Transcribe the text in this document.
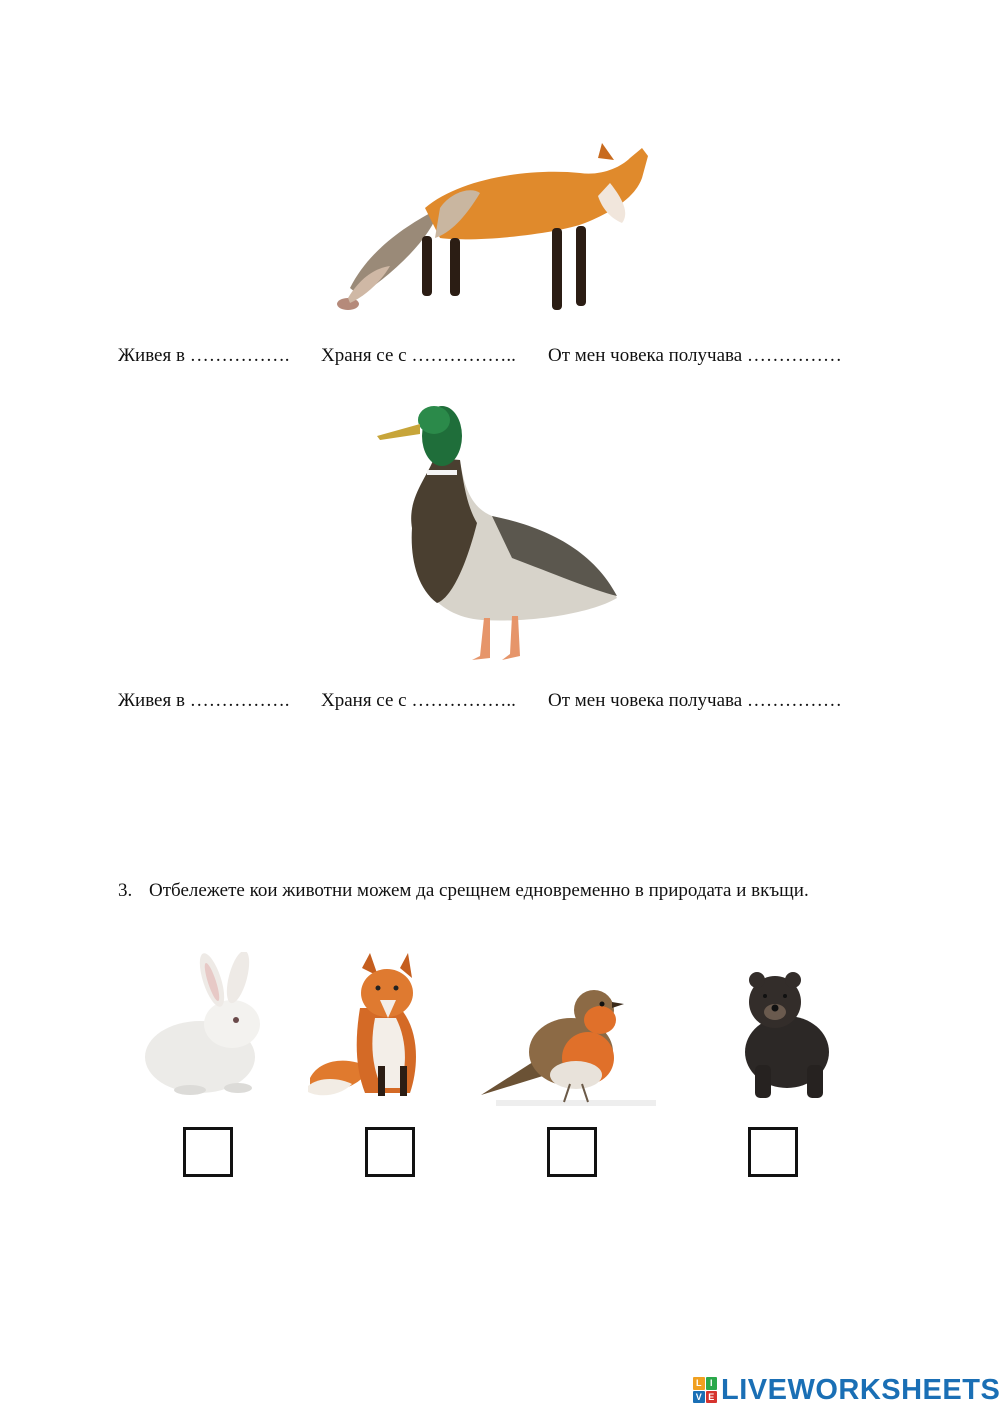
Живея в …………….	Храня се с ……………..	От мен човека получава ……………
Живея в …………….	Храня се с ……………..	От мен човека получава ……………
3. Отбележете кои животни можем да срещнем едновременно в природата и вкъщи.
L I
V E LIVEWORKSHEETS
